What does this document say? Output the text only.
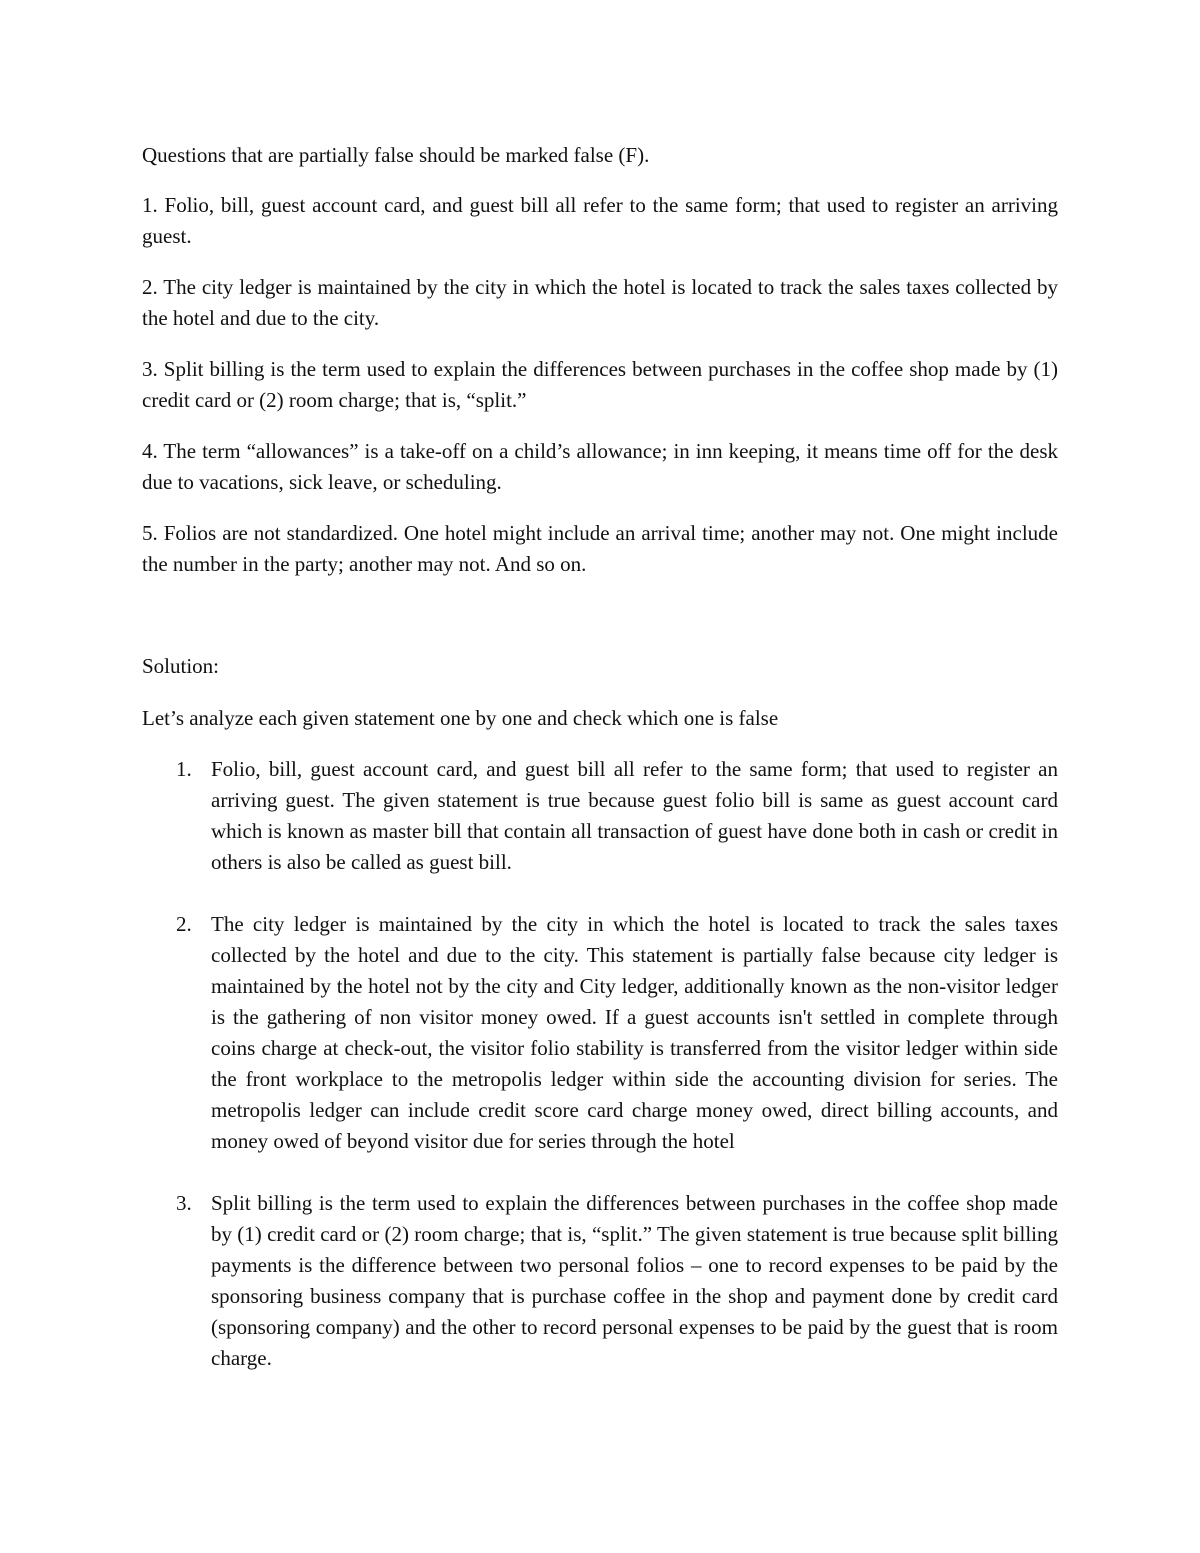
Questions that are partially false should be marked false (F).

1. Folio, bill, guest account card, and guest bill all refer to the same form; that used to register an arriving guest.

2. The city ledger is maintained by the city in which the hotel is located to track the sales taxes collected by the hotel and due to the city.

3. Split billing is the term used to explain the differences between purchases in the coffee shop made by (1) credit card or (2) room charge; that is, “split.”

4. The term “allowances” is a take-off on a child’s allowance; in inn keeping, it means time off for the desk due to vacations, sick leave, or scheduling.

5. Folios are not standardized. One hotel might include an arrival time; another may not. One might include the number in the party; another may not. And so on.

Solution:

Let’s analyze each given statement one by one and check which one is false

1. Folio, bill, guest account card, and guest bill all refer to the same form; that used to register an arriving guest. The given statement is true because guest folio bill is same as guest account card which is known as master bill that contain all transaction of guest have done both in cash or credit in others is also be called as guest bill.
2. The city ledger is maintained by the city in which the hotel is located to track the sales taxes collected by the hotel and due to the city. This statement is partially false because city ledger is maintained by the hotel not by the city and City ledger, additionally known as the non-visitor ledger is the gathering of non visitor money owed. If a guest accounts isn't settled in complete through coins charge at check-out, the visitor folio stability is transferred from the visitor ledger within side the front workplace to the metropolis ledger within side the accounting division for series. The metropolis ledger can include credit score card charge money owed, direct billing accounts, and money owed of beyond visitor due for series through the hotel
3. Split billing is the term used to explain the differences between purchases in the coffee shop made by (1) credit card or (2) room charge; that is, “split.” The given statement is true because split billing payments is the difference between two personal folios – one to record expenses to be paid by the sponsoring business company that is purchase coffee in the shop and payment done by credit card (sponsoring company) and the other to record personal expenses to be paid by the guest that is room charge.
